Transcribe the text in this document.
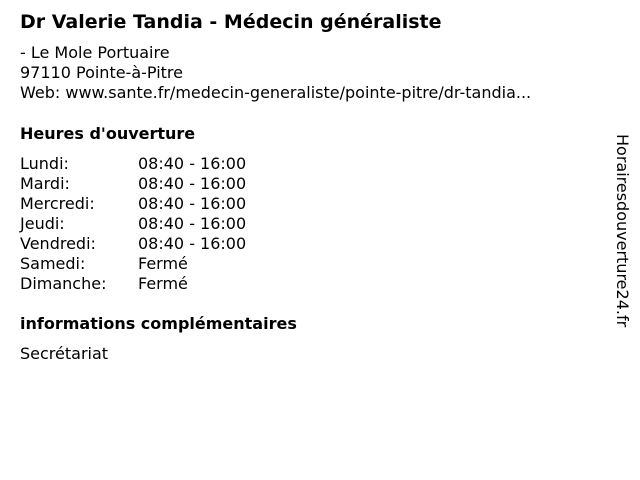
Dr Valerie Tandia - Médecin généraliste
- Le Mole Portuaire
97110 Pointe-à-Pitre
Web: www.sante.fr/medecin-generaliste/pointe-pitre/dr-tandia...
Heures d'ouverture
Lundi:	08:40 - 16:00
Mardi:	08:40 - 16:00
Mercredi:	08:40 - 16:00
Jeudi:	08:40 - 16:00
Vendredi:	08:40 - 16:00
Samedi:	Fermé
Dimanche: Fermé
informations complémentaires
Secrétariat
Horairesdouverture24.fr
